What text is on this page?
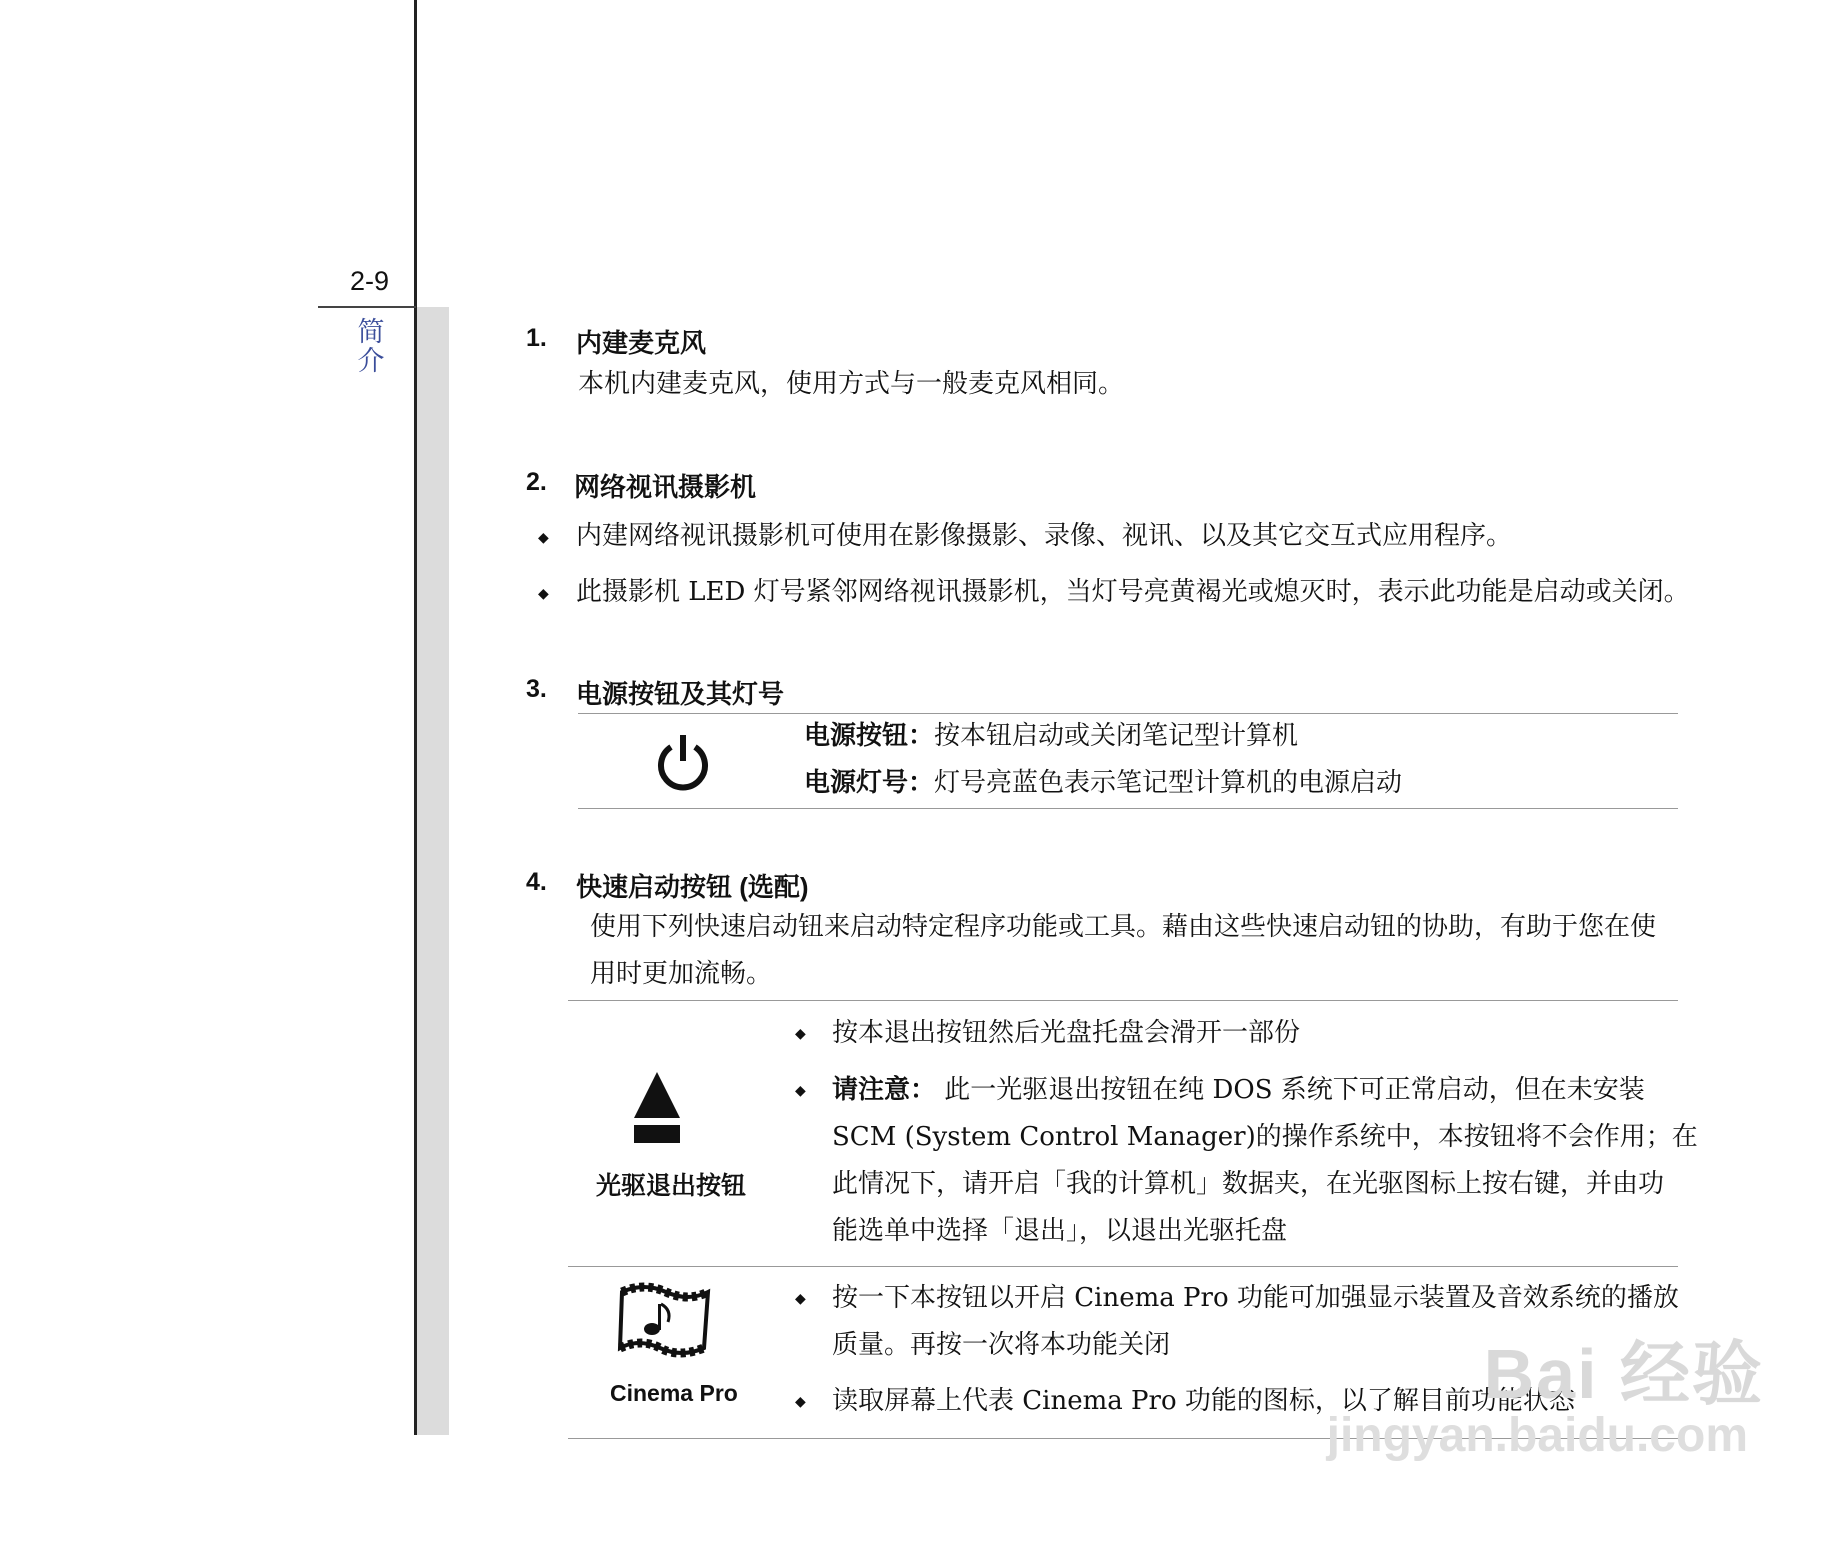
2-9
简介
1. 内建麦克风
本机内建麦克风，使用方式与一般麦克风相同。
2. 网络视讯摄影机
◆ 内建网络视讯摄影机可使用在影像摄影、录像、视讯、以及其它交互式应用程序。
◆ 此摄影机 LED 灯号紧邻网络视讯摄影机，当灯号亮黄褐光或熄灭时，表示此功能是启动或关闭。
3. 电源按钮及其灯号
电源按钮：按本钮启动或关闭笔记型计算机
电源灯号：灯号亮蓝色表示笔记型计算机的电源启动
4. 快速启动按钮 (选配)
使用下列快速启动钮来启动特定程序功能或工具。藉由这些快速启动钮的协助，有助于您在使
用时更加流畅。
光驱退出按钮
◆ 按本退出按钮然后光盘托盘会滑开一部份
◆ 请注意： 此一光驱退出按钮在纯 DOS 系统下可正常启动，但在未安装
SCM (System Control Manager)的操作系统中，本按钮将不会作用；在
此情况下，请开启「我的计算机」数据夹，在光驱图标上按右键，并由功
能选单中选择「退出」，以退出光驱托盘
Cinema Pro
◆ 按一下本按钮以开启 Cinema Pro 功能可加强显示装置及音效系统的播放
质量。再按一次将本功能关闭
◆ 读取屏幕上代表 Cinema Pro 功能的图标，以了解目前功能状态
Bai 经验
jingyan.baidu.com
